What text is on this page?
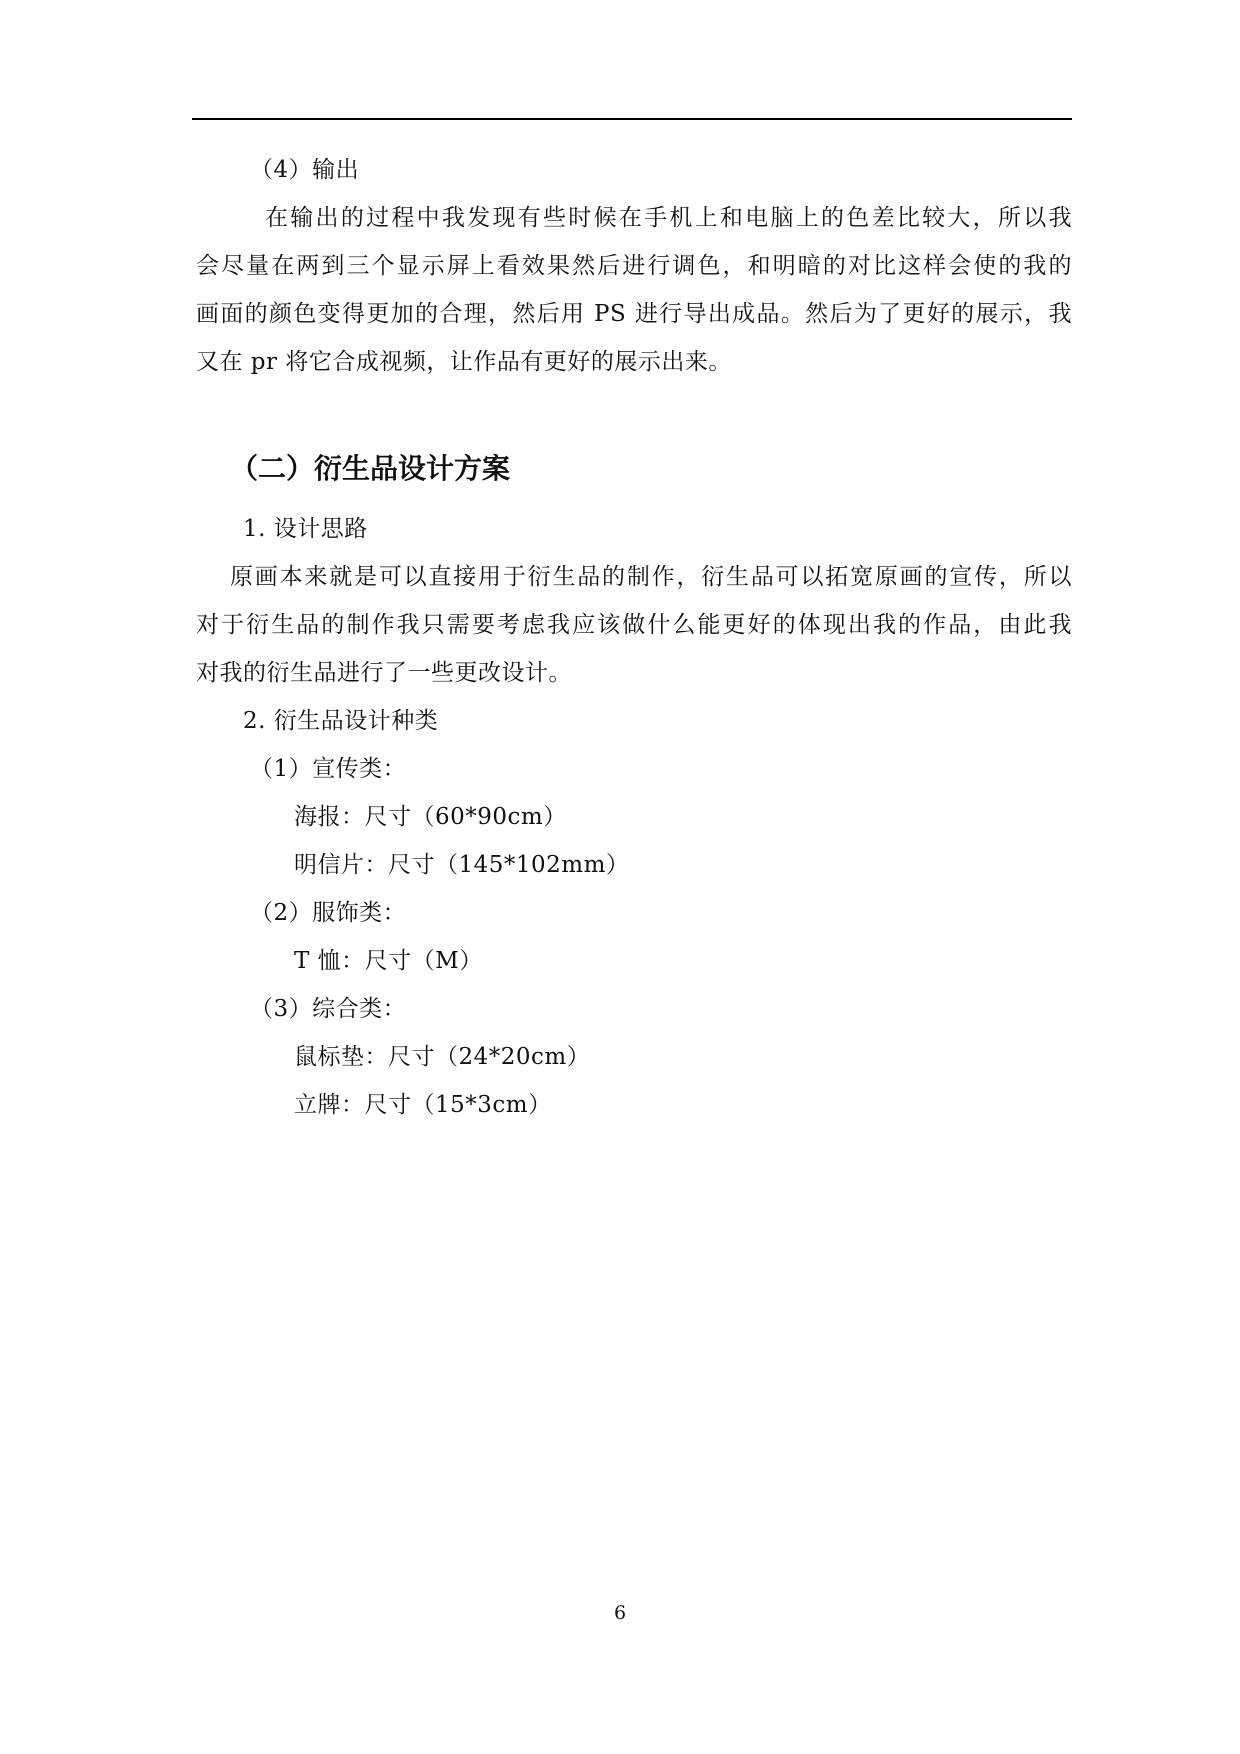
（4）输出
在输出的过程中我发现有些时候在手机上和电脑上的色差比较大，所以我
会尽量在两到三个显示屏上看效果然后进行调色，和明暗的对比这样会使的我的
画面的颜色变得更加的合理，然后用 PS 进行导出成品。然后为了更好的展示，我
又在 pr 将它合成视频，让作品有更好的展示出来。
（二）衍生品设计方案
1. 设计思路
原画本来就是可以直接用于衍生品的制作，衍生品可以拓宽原画的宣传，所以
对于衍生品的制作我只需要考虑我应该做什么能更好的体现出我的作品，由此我
对我的衍生品进行了一些更改设计。
2. 衍生品设计种类
（1）宣传类：
海报：尺寸（60*90cm）
明信片：尺寸（145*102mm）
（2）服饰类：
T 恤：尺寸（M）
（3）综合类：
鼠标垫：尺寸（24*20cm）
立牌：尺寸（15*3cm）
6
